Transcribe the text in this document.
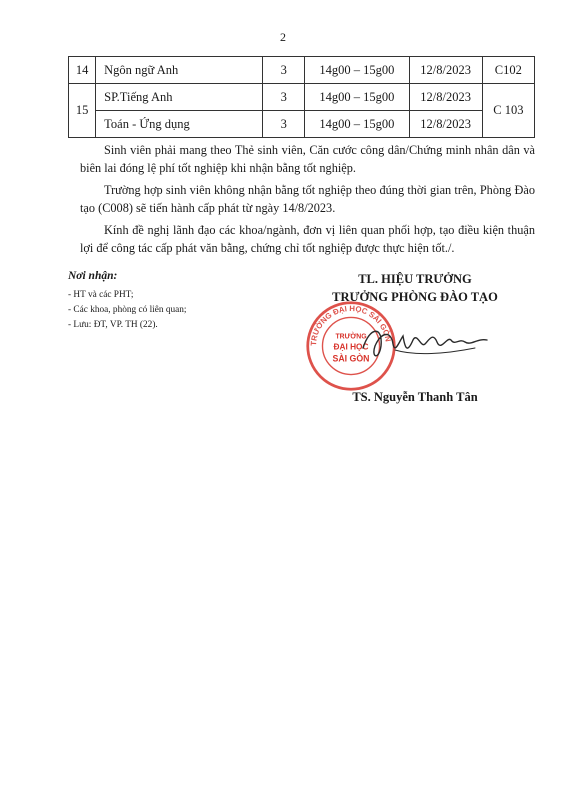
2
14	Ngôn ngữ Anh	3	14g00 – 15g00	12/8/2023	C102
15	SP.Tiếng Anh	3	14g00 – 15g00	12/8/2023	C 103
	Toán - Ứng dụng	3	14g00 – 15g00	12/8/2023	

Sinh viên phải mang theo Thẻ sinh viên, Căn cước công dân/Chứng minh nhân dân và biên lai đóng lệ phí tốt nghiệp khi nhận bằng tốt nghiệp.

Trường hợp sinh viên không nhận bằng tốt nghiệp theo đúng thời gian trên, Phòng Đào tạo (C008) sẽ tiến hành cấp phát từ ngày 14/8/2023.

Kính đề nghị lãnh đạo các khoa/ngành, đơn vị liên quan phối hợp, tạo điều kiện thuận lợi để công tác cấp phát văn bằng, chứng chỉ tốt nghiệp được thực hiện tốt./.

Nơi nhận:
- HT và các PHT;
- Các khoa, phòng có liên quan;
- Lưu: ĐT, VP. TH (22).
TL. HIỆU TRƯỞNG
TRƯỞNG PHÒNG ĐÀO TẠO
TRƯỜNG ĐẠI HỌC SÀI GÒN
TRƯỜNG
ĐẠI HỌC
SÀI GÒN
TS. Nguyễn Thanh Tân
